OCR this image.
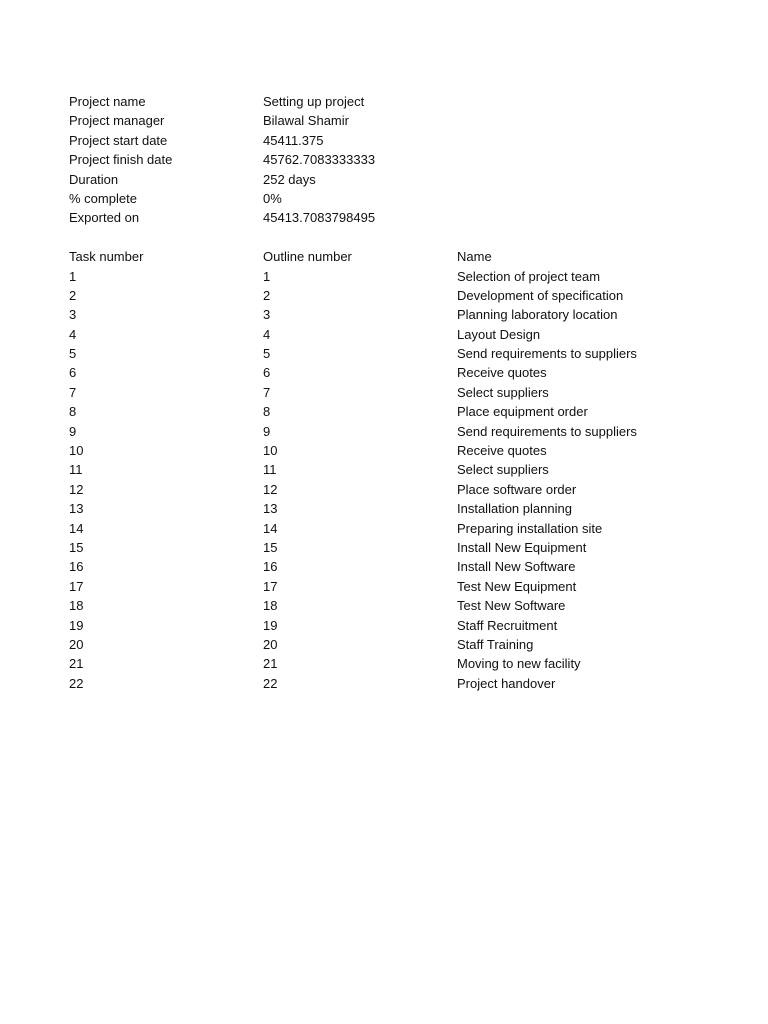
Project name	Setting up project
Project manager	Bilawal Shamir
Project start date	45411.375
Project finish date	45762.7083333333
Duration	252 days
% complete	0%
Exported on	45413.7083798495
Task number	Outline number	Name
1	1	Selection of project team
2	2	Development of specification
3	3	Planning laboratory location
4	4	Layout Design
5	5	Send requirements to suppliers
6	6	Receive quotes
7	7	Select suppliers
8	8	Place equipment order
9	9	Send requirements to suppliers
10	10	Receive quotes
11	11	Select suppliers
12	12	Place software order
13	13	Installation planning
14	14	Preparing installation site
15	15	Install New Equipment
16	16	Install New Software
17	17	Test New Equipment
18	18	Test New Software
19	19	Staff Recruitment
20	20	Staff Training
21	21	Moving to new facility
22	22	Project handover
